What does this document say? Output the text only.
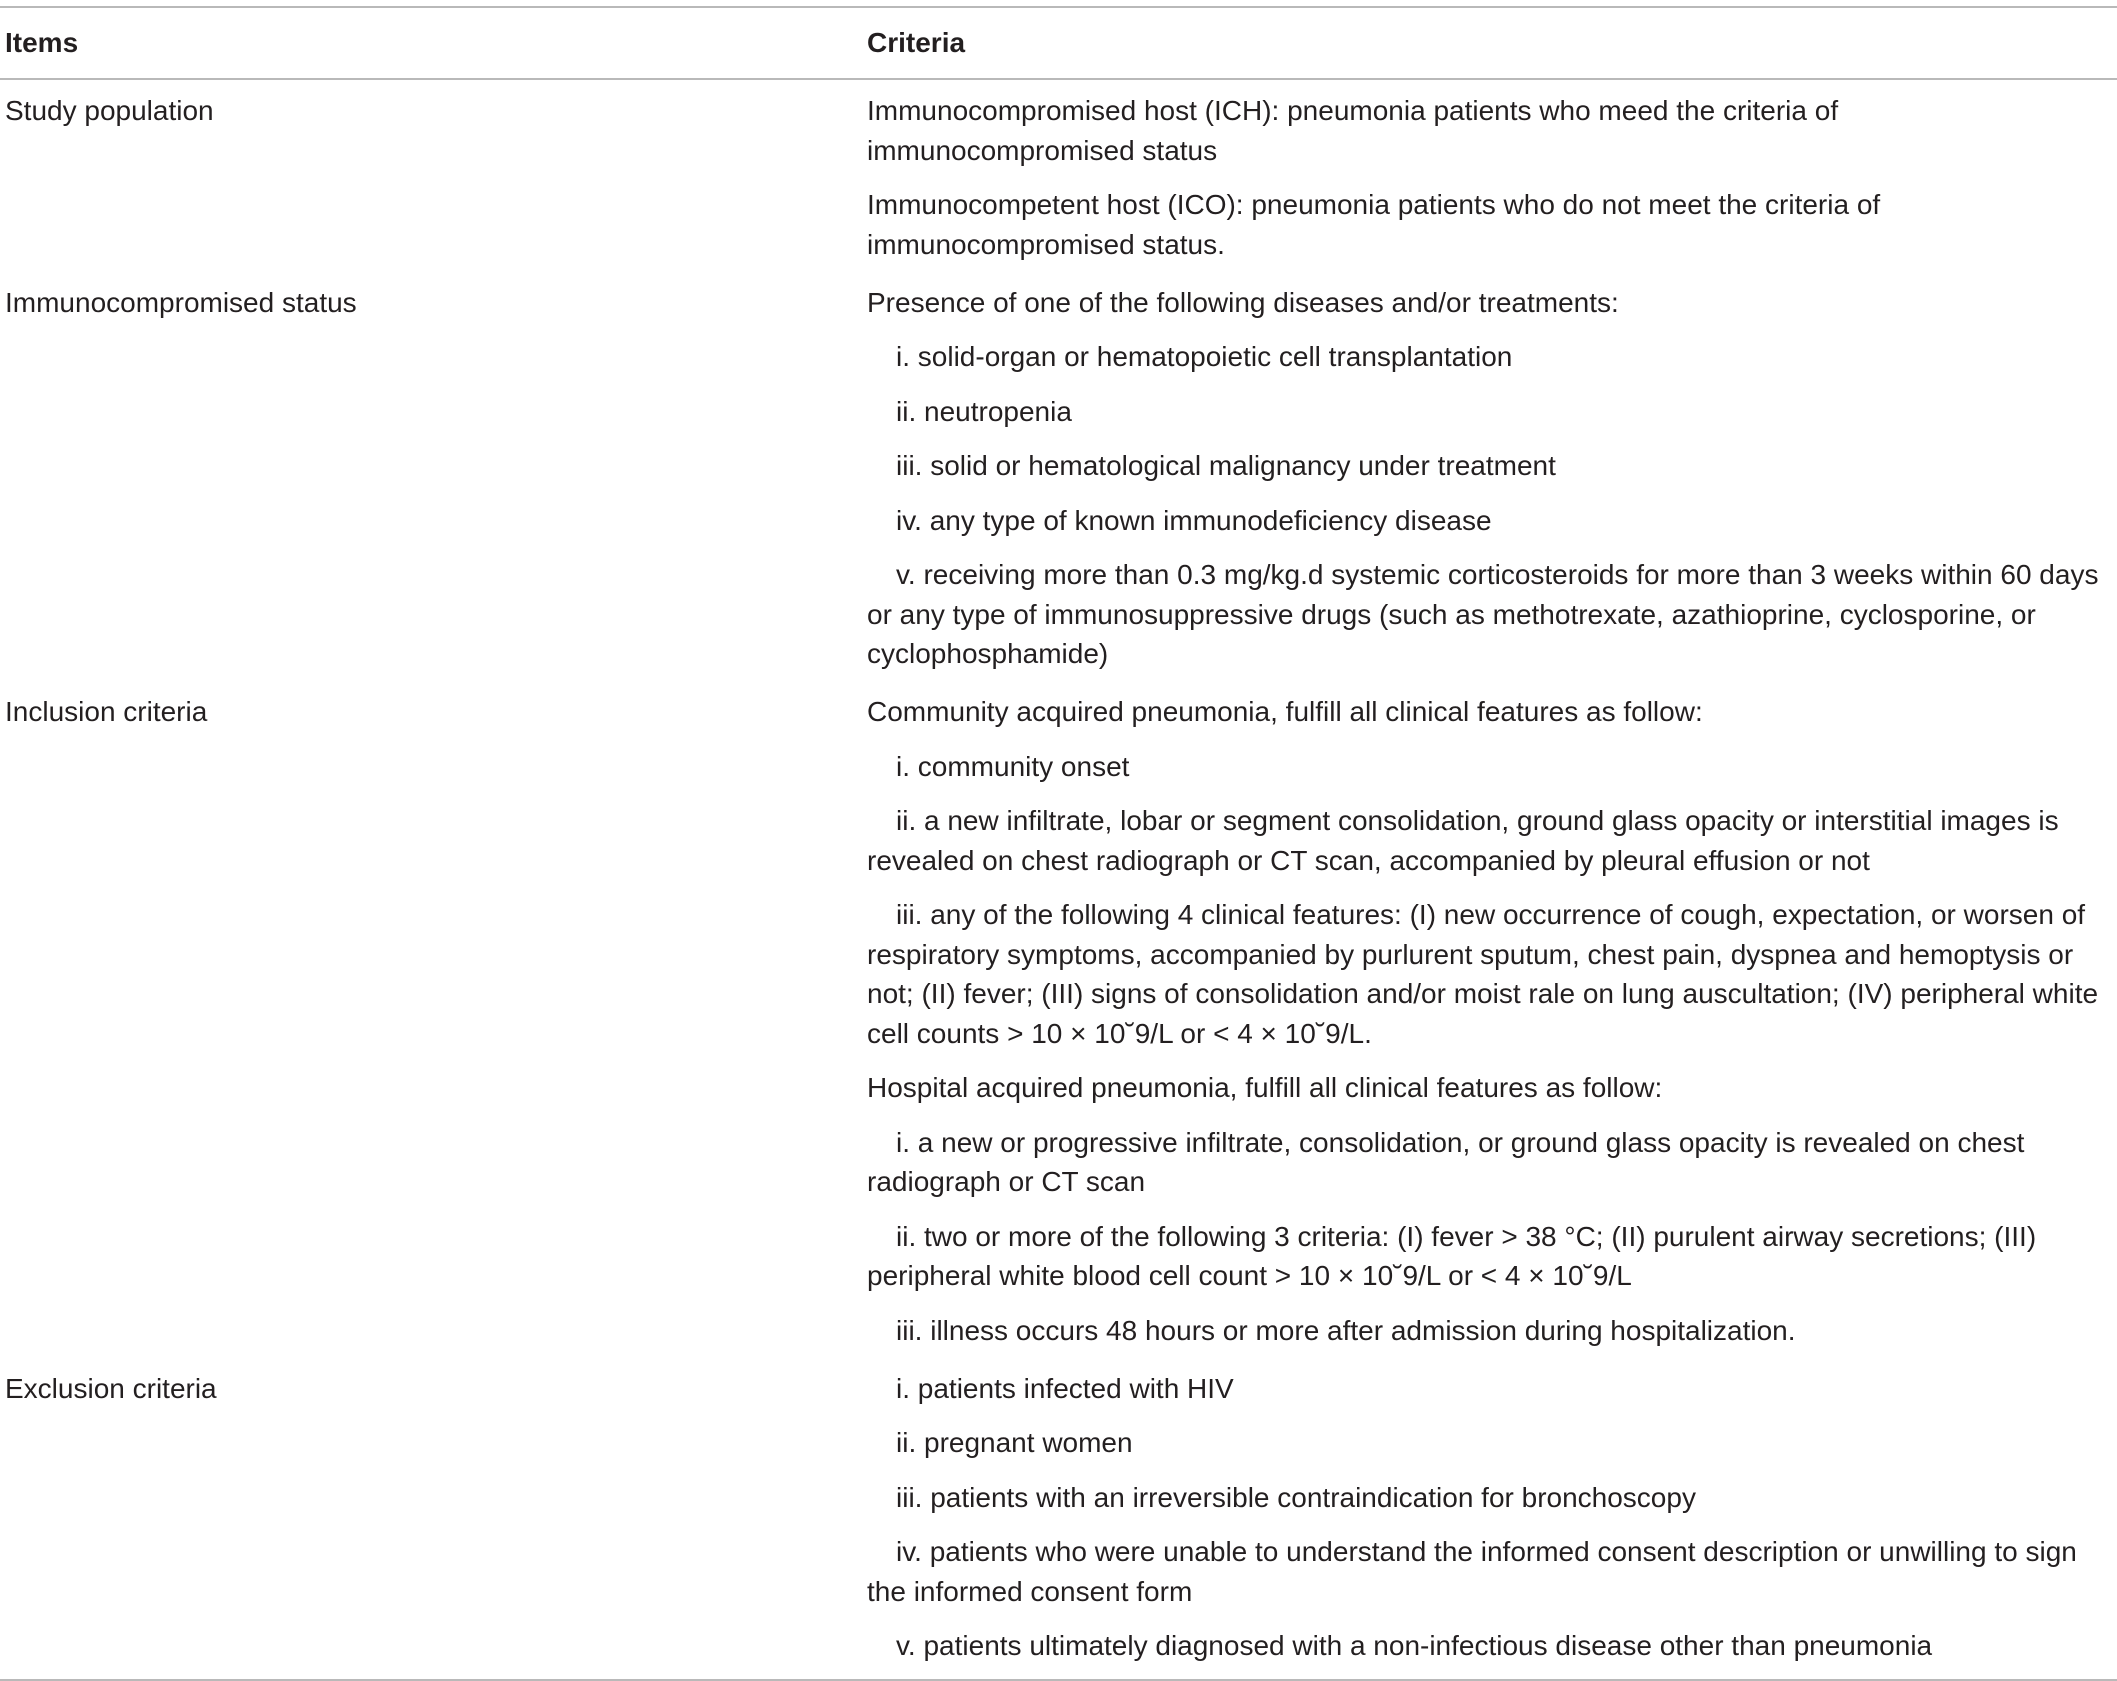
Items	Criteria
Study population	Immunocompromised host (ICH): pneumonia patients who meed the criteria of immunocompromised status

Immunocompetent host (ICO): pneumonia patients who do not meet the criteria of immunocompromised status.

Immunocompromised status	Presence of one of the following diseases and/or treatments:

i. solid-organ or hematopoietic cell transplantation

ii. neutropenia

iii. solid or hematological malignancy under treatment

iv. any type of known immunodeficiency disease

v. receiving more than 0.3 mg/kg.d systemic corticosteroids for more than 3 weeks within 60 days or any type of immunosuppressive drugs (such as methotrexate, azathioprine, cyclosporine, or cyclophosphamide)

Inclusion criteria	Community acquired pneumonia, fulfill all clinical features as follow:

i. community onset

ii. a new infiltrate, lobar or segment consolidation, ground glass opacity or interstitial images is revealed on chest radiograph or CT scan, accompanied by pleural effusion or not

iii. any of the following 4 clinical features: (I) new occurrence of cough, expectation, or worsen of respiratory symptoms, accompanied by purlurent sputum, chest pain, dyspnea and hemoptysis or not; (II) fever; (III) signs of consolidation and/or moist rale on lung auscultation; (IV) peripheral white cell counts > 10 × 10˘9/L or < 4 × 10˘9/L.

Hospital acquired pneumonia, fulfill all clinical features as follow:

i. a new or progressive infiltrate, consolidation, or ground glass opacity is revealed on chest radiograph or CT scan

ii. two or more of the following 3 criteria: (I) fever > 38 °C; (II) purulent airway secretions; (III) peripheral white blood cell count > 10 × 10˘9/L or < 4 × 10˘9/L

iii. illness occurs 48 hours or more after admission during hospitalization.

Exclusion criteria	i. patients infected with HIV

ii. pregnant women

iii. patients with an irreversible contraindication for bronchoscopy

iv. patients who were unable to understand the informed consent description or unwilling to sign the informed consent form

v. patients ultimately diagnosed with a non-infectious disease other than pneumonia
